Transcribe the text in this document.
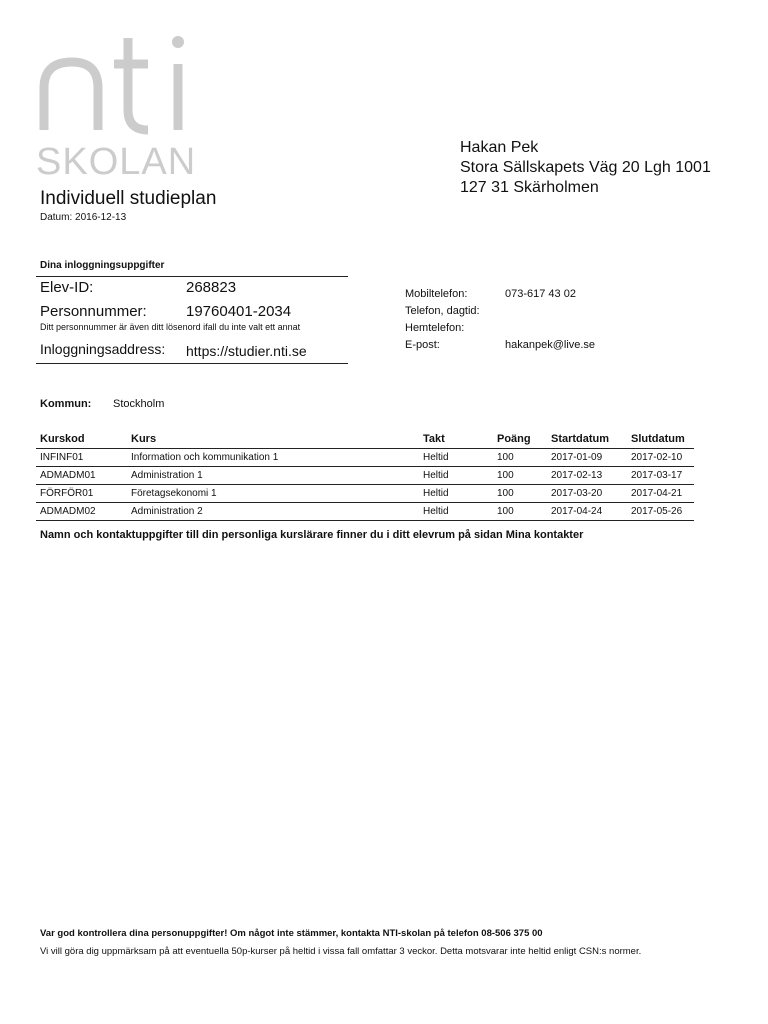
SKOLAN
Individuell studieplan
Datum: 2016-12-13
Hakan Pek
Stora Sällskapets Väg 20 Lgh 1001
127 31 Skärholmen
Dina inloggningsuppgifter
Elev-ID:	268823
Personnummer:	19760401-2034
Ditt personnummer är även ditt lösenord ifall du inte valt ett annat
Inloggningsaddress: https://studier.nti.se
Mobiltelefon:	073-617 43 02
Telefon, dagtid:
Hemtelefon:
E-post:	hakanpek@live.se
Kommun: Stockholm
Kurskod	Kurs	Takt	Poäng	Startdatum	Slutdatum
INFINF01	Information och kommunikation 1	Heltid	100	2017-01-09	2017-02-10
ADMADM01	Administration 1	Heltid	100	2017-02-13	2017-03-17
FÖRFÖR01	Företagsekonomi 1	Heltid	100	2017-03-20	2017-04-21
ADMADM02	Administration 2	Heltid	100	2017-04-24	2017-05-26
Namn och kontaktuppgifter till din personliga kurslärare finner du i ditt elevrum på sidan Mina kontakter
Var god kontrollera dina personuppgifter! Om något inte stämmer, kontakta NTI-skolan på telefon 08-506 375 00
Vi vill göra dig uppmärksam på att eventuella 50p-kurser på heltid i vissa fall omfattar 3 veckor. Detta motsvarar inte heltid enligt CSN:s normer.
